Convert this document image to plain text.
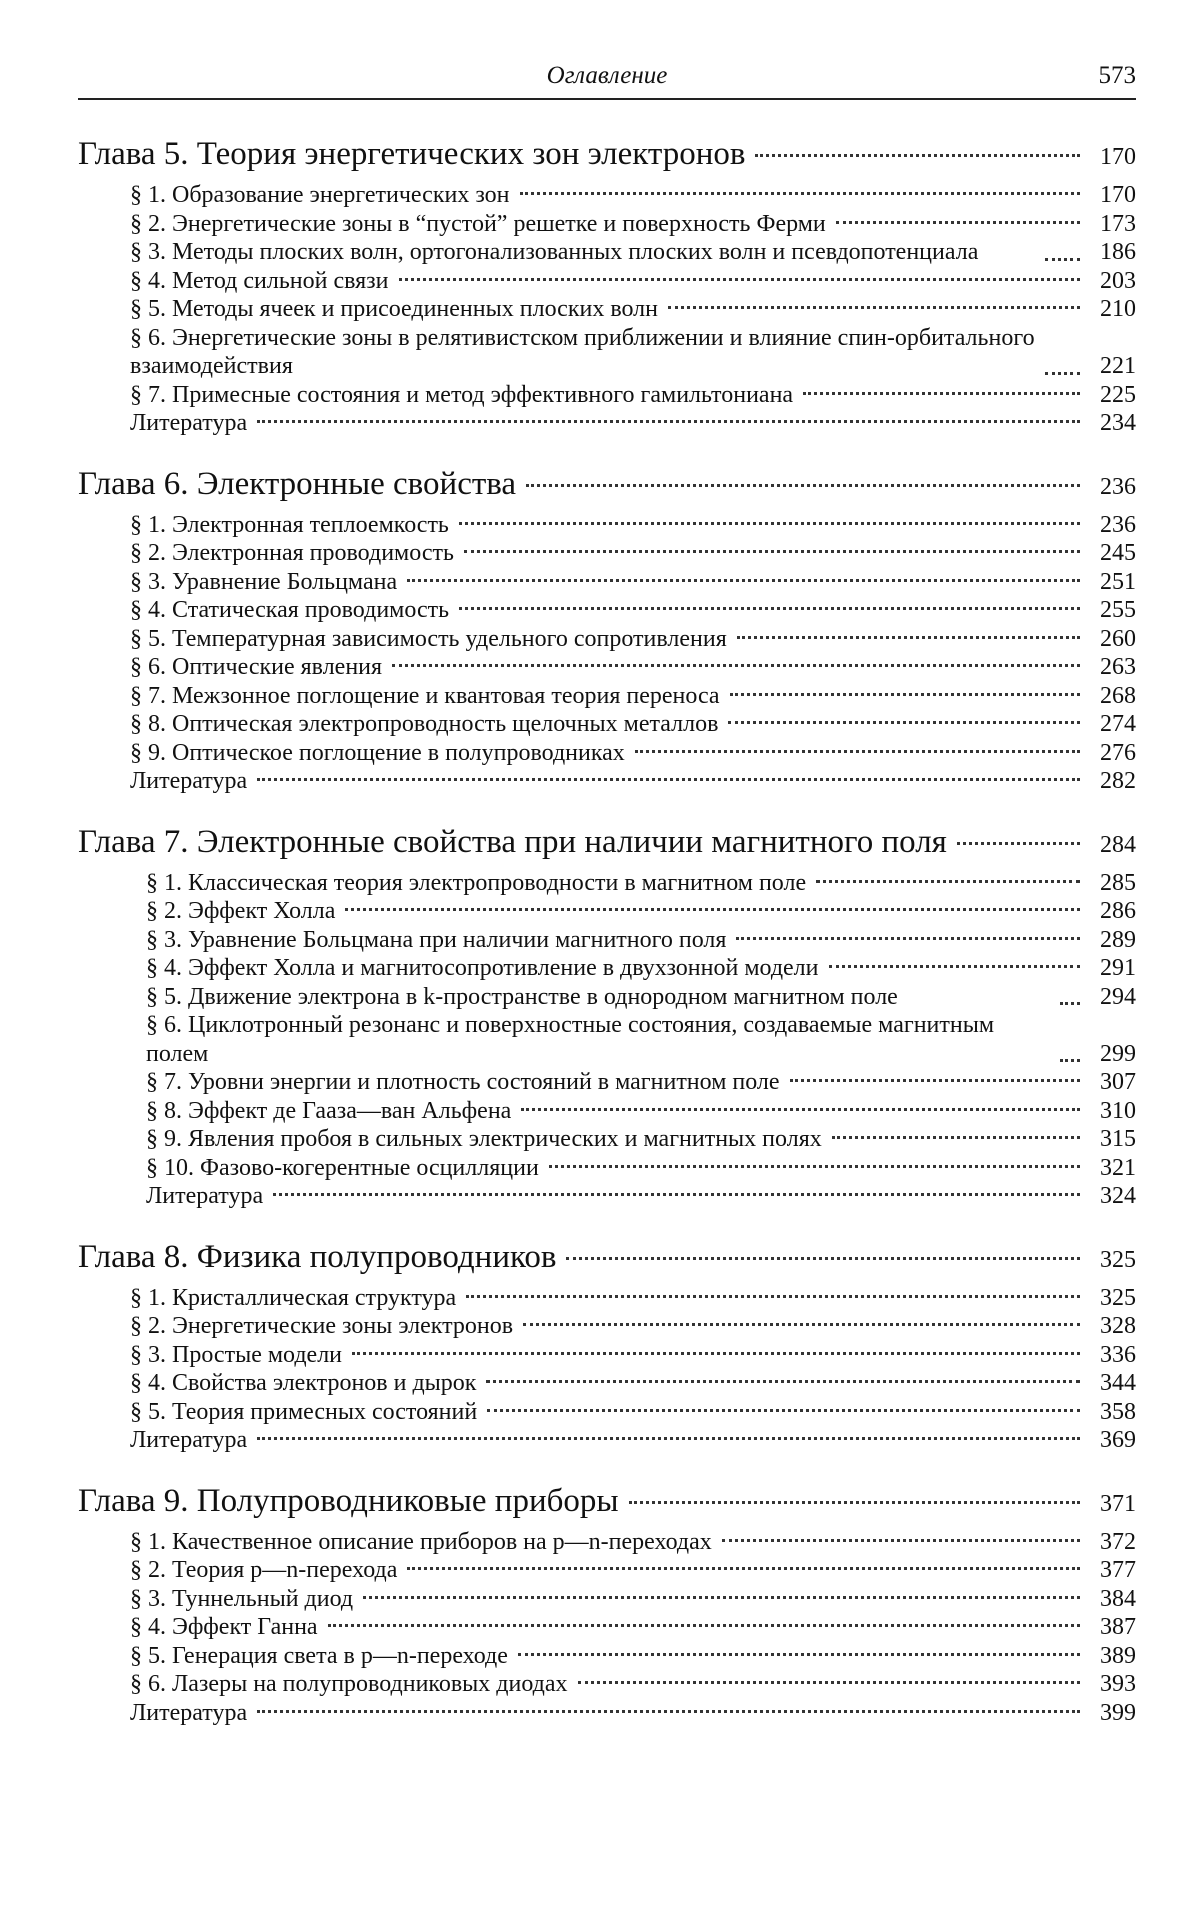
Оглавление	573
Глава 5. Теория энергетических зон электронов	170
§ 1. Образование энергетических зон	170
§ 2. Энергетические зоны в “пустой” решетке и поверхность Ферми	173
§ 3. Методы плоских волн, ортогонализованных плоских волн и псевдопотенциала	186
§ 4. Метод сильной связи	203
§ 5. Методы ячеек и присоединенных плоских волн	210
§ 6. Энергетические зоны в релятивистском приближении и влияние спин-орбитального взаимодействия	221
§ 7. Примесные состояния и метод эффективного гамильтониана	225
Литература	234
Глава 6. Электронные свойства	236
§ 1. Электронная теплоемкость	236
§ 2. Электронная проводимость	245
§ 3. Уравнение Больцмана	251
§ 4. Статическая проводимость	255
§ 5. Температурная зависимость удельного сопротивления	260
§ 6. Оптические явления	263
§ 7. Межзонное поглощение и квантовая теория переноса	268
§ 8. Оптическая электропроводность щелочных металлов	274
§ 9. Оптическое поглощение в полупроводниках	276
Литература	282
Глава 7. Электронные свойства при наличии магнитного поля	284
§ 1. Классическая теория электропроводности в магнитном поле	285
§ 2. Эффект Холла	286
§ 3. Уравнение Больцмана при наличии магнитного поля	289
§ 4. Эффект Холла и магнитосопротивление в двухзонной модели	291
§ 5. Движение электрона в k-пространстве в однородном магнитном поле	294
§ 6. Циклотронный резонанс и поверхностные состояния, создаваемые магнитным полем	299
§ 7. Уровни энергии и плотность состояний в магнитном поле	307
§ 8. Эффект де Гааза—ван Альфена	310
§ 9. Явления пробоя в сильных электрических и магнитных полях	315
§ 10. Фазово-когерентные осцилляции	321
Литература	324
Глава 8. Физика полупроводников	325
§ 1. Кристаллическая структура	325
§ 2. Энергетические зоны электронов	328
§ 3. Простые модели	336
§ 4. Свойства электронов и дырок	344
§ 5. Теория примесных состояний	358
Литература	369
Глава 9. Полупроводниковые приборы	371
§ 1. Качественное описание приборов на p—n-переходах	372
§ 2. Теория p—n-перехода	377
§ 3. Туннельный диод	384
§ 4. Эффект Ганна	387
§ 5. Генерация света в p—n-переходе	389
§ 6. Лазеры на полупроводниковых диодах	393
Литература	399
